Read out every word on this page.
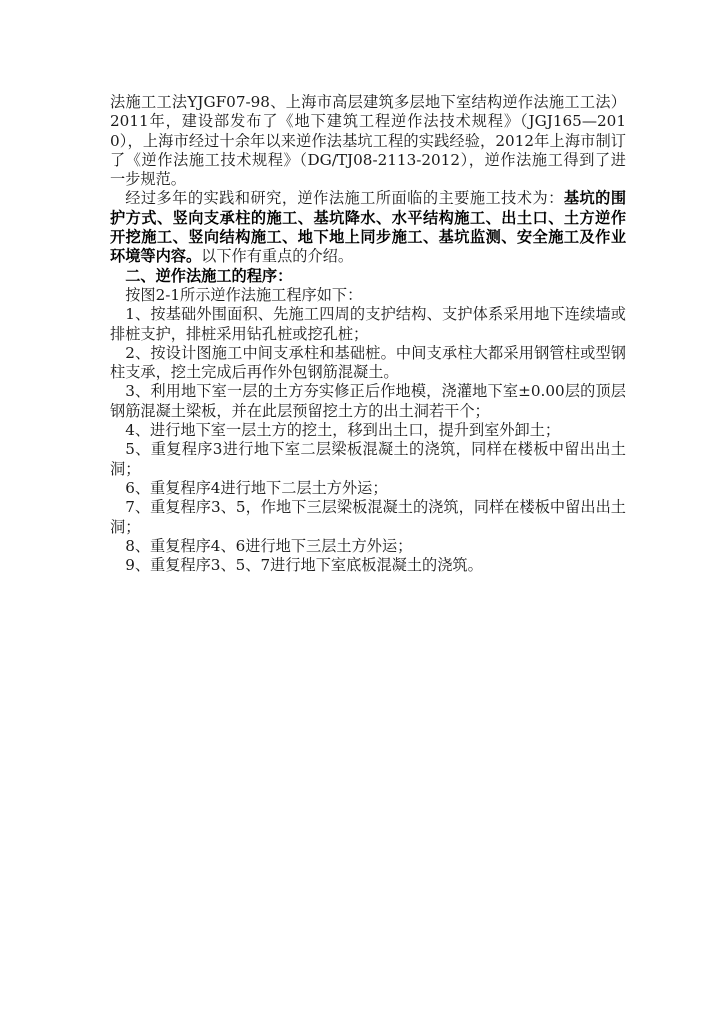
法施工工法YJGF07-98、上海市高层建筑多层地下室结构逆作法施工工法）2011年，建设部发布了《地下建筑工程逆作法技术规程》（JGJ165—2010），上海市经过十余年以来逆作法基坑工程的实践经验，2012年上海市制订了《逆作法施工技术规程》（DG/TJ08-2113-2012），逆作法施工得到了进一步规范。

经过多年的实践和研究，逆作法施工所面临的主要施工技术为：基坑的围护方式、竖向支承柱的施工、基坑降水、水平结构施工、出土口、土方逆作开挖施工、竖向结构施工、地下地上同步施工、基坑监测、安全施工及作业环境等内容。以下作有重点的介绍。

二、逆作法施工的程序：

按图2-1所示逆作法施工程序如下：

1、按基础外围面积、先施工四周的支护结构、支护体系采用地下连续墙或排桩支护，排桩采用钻孔桩或挖孔桩；

2、按设计图施工中间支承柱和基础桩。中间支承柱大都采用钢管柱或型钢柱支承，挖土完成后再作外包钢筋混凝土。

3、利用地下室一层的土方夯实修正后作地模，浇灌地下室±0.00层的顶层钢筋混凝土梁板，并在此层预留挖土方的出土洞若干个；

4、进行地下室一层土方的挖土，移到出土口，提升到室外卸土；

5、重复程序3进行地下室二层梁板混凝土的浇筑，同样在楼板中留出出土洞；

6、重复程序4进行地下二层土方外运；

7、重复程序3、5，作地下三层梁板混凝土的浇筑，同样在楼板中留出出土洞；

8、重复程序4、6进行地下三层土方外运；

9、重复程序3、5、7进行地下室底板混凝土的浇筑。
